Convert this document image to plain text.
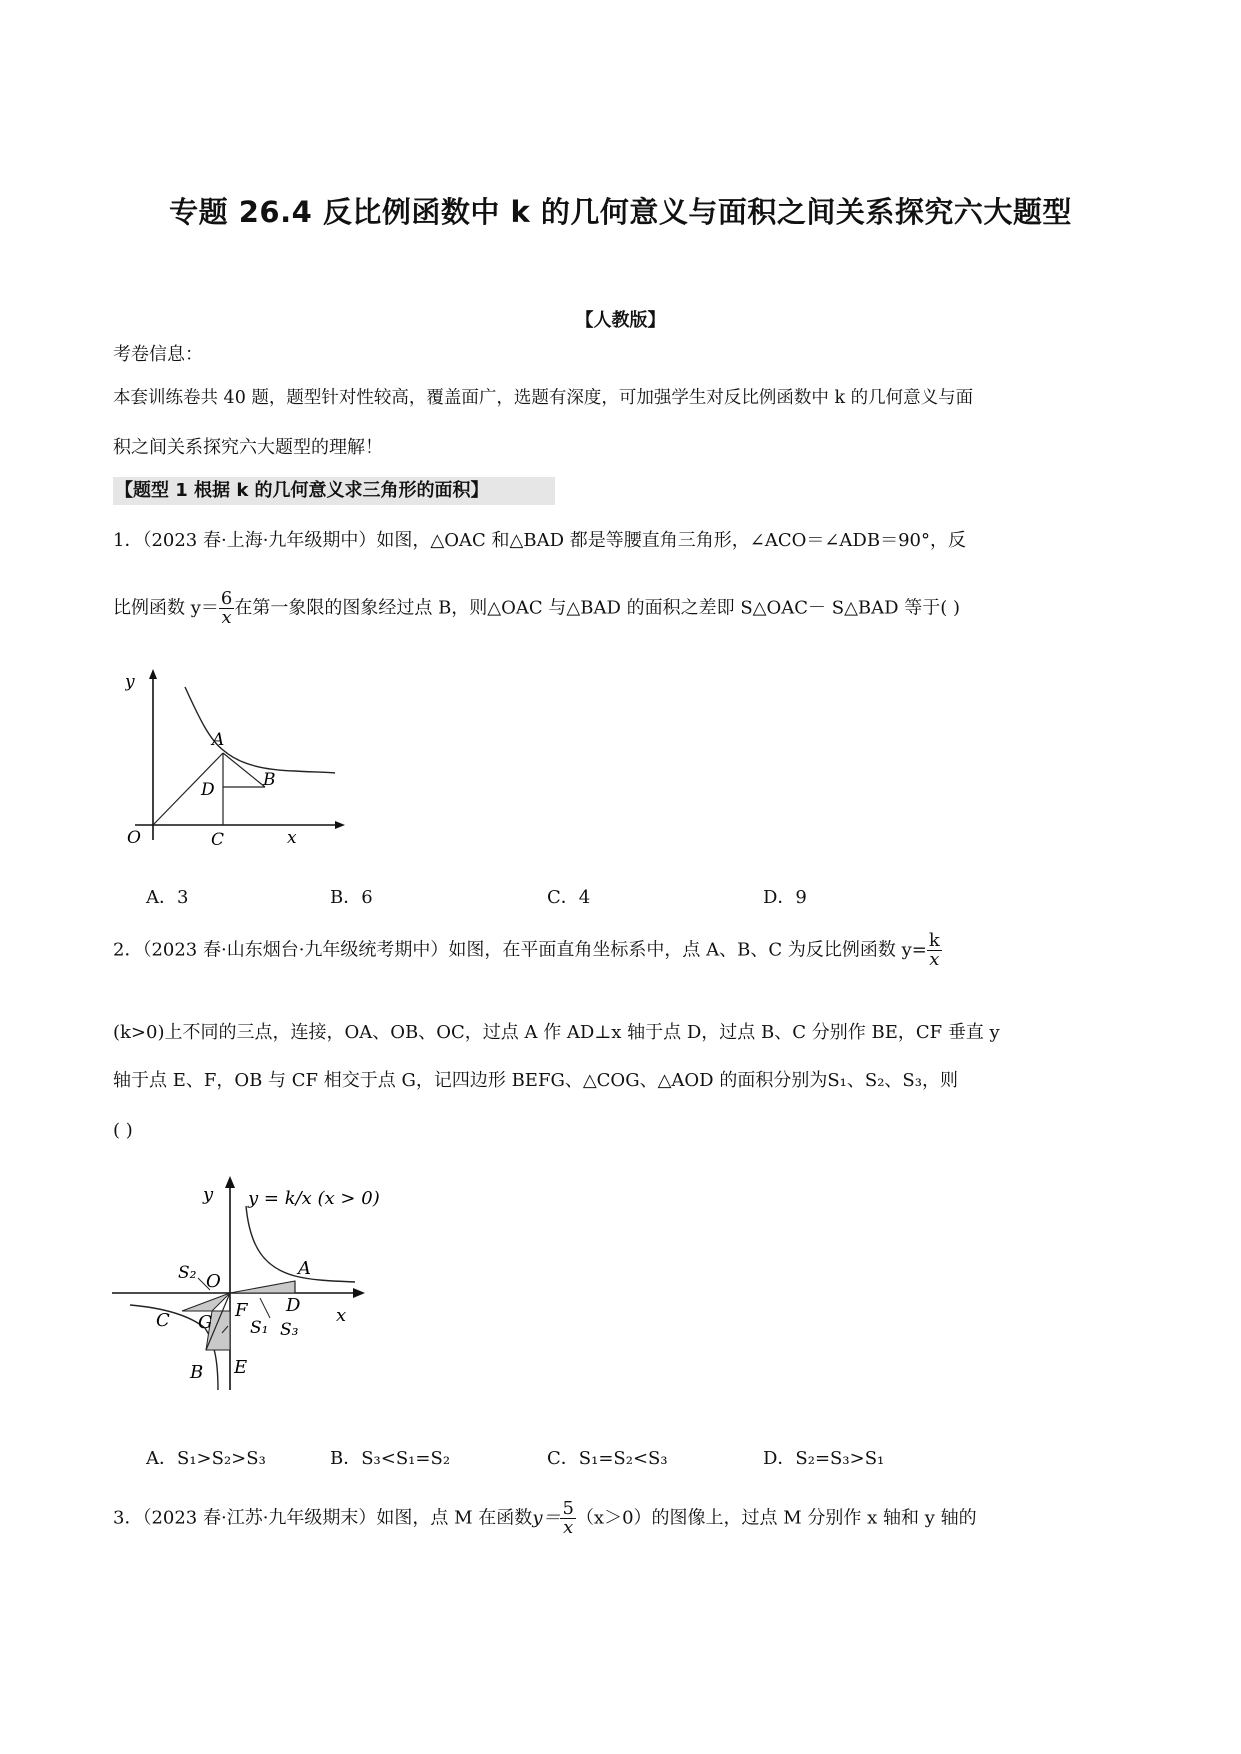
专题 26.4 反比例函数中 k 的几何意义与面积之间关系探究六大题型
【人教版】
考卷信息：
本套训练卷共 40 题，题型针对性较高，覆盖面广，选题有深度，可加强学生对反比例函数中 k 的几何意义与面
积之间关系探究六大题型的理解！
【题型 1 根据 k 的几何意义求三角形的面积】
1．（2023 春·上海·九年级期中）如图，△OAC 和△BAD 都是等腰直角三角形，∠ACO＝∠ADB＝90°，反
比例函数 $y= \frac{6}{x}$ 在第一象限的图象经过点 B，则△OAC 与△BAD 的面积之差即 S△OAC－ S△BAD 等于( )
y
x
O
A
B
C
D
A．3	B．6	C．4	D．9
2．（2023 春·山东烟台·九年级统考期中）如图，在平面直角坐标系中，点 A、B、C 为反比例函数 $y= \frac{k}{x}$
(k>0)上不同的三点，连接，OA、OB、OC，过点 A 作 AD⊥x 轴于点 D，过点 B、C 分别作 BE，CF 垂直 y
轴于点 E、F，OB 与 CF 相交于点 G，记四边形 BEFG、△COG、△AOD 的面积分别为S₁、S₂、S₃，则
( )
y
x
O
A
B
C
D
E
F
G
S₂
S₁ S₃
y = k/x (x > 0)
A．S₁>S₂>S₃	B．S₃<S₁=S₂	C．S₁=S₂<S₃	D．S₂=S₃>S₁
3．（2023 春·江苏·九年级期末）如图，点 M 在函数$y= \frac{5}{x} (x>0)$的图像上，过点 M 分别作 x 轴和 y 轴的
